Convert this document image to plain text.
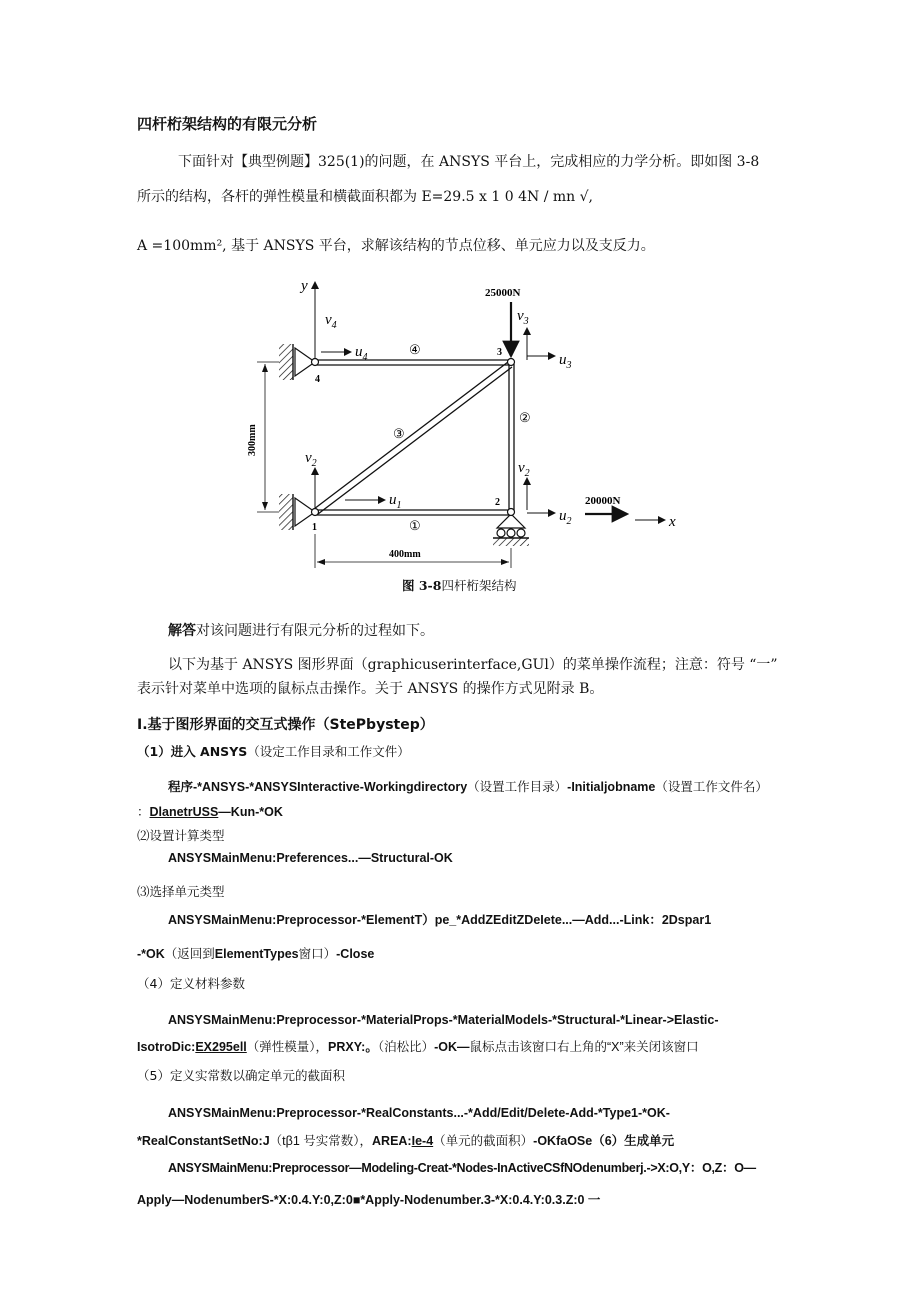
四杆桁架结构的有限元分析
下面针对【典型例题】325(1)的问题，在 ANSYS 平台上，完成相应的力学分析。即如图 3-8
所示的结构，各杆的弹性模量和横截面积都为 E=29.5 x 1 0 4N / mn √,
A =100mm², 基于 ANSYS 平台，求解该结构的节点位移、单元应力以及支反力。
y
$v_4$
$u_4$
25000N
$v_3$
$u_3$
$v_2$
$u_1$
$v_2$
$u_2$
20000N
x
4
3
1
2
④
③
②
①
300mm
400mm
图 3-8四杆桁架结构
解答对该问题进行有限元分析的过程如下。
以下为基于 ANSYS 图形界面（graphicuserinterface,GUl）的菜单操作流程；注意：符号 “一”
表示针对菜单中选项的鼠标点击操作。关于 ANSYS 的操作方式见附录 B。
I.基于图形界面的交互式操作（StePbystep）
（1）进入 ANSYS（设定工作目录和工作文件）
程序-*ANSYS-*ANSYSInteractive-Workingdirectory（设置工作目录）-Initialjobname（设置工作文件名）
：DlanetrUSS—Kun-*OK
⑵设置计算类型
ANSYSMainMenu:Preferences...—Structural-OK
⑶选择单元类型
ANSYSMainMenu:Preprocessor-*ElementT）pe_*AddZEditZDeIete...—Add...-Link：2Dspar1
-*OK（返回到ElementTypes窗口）-Close
（4）定义材料参数
ANSYSMainMenu:Preprocessor-*MaterialProps-*MaterialModels-*Structural-*Linear->Elastic-
IsotroDic:EX295ell（弹性模量），PRXY:。（泊松比）-OK—鼠标点击该窗口右上角的“X”来关闭该窗口
（5）定义实常数以确定单元的截面积
ANSYSMainMenu:Preprocessor-*RealConstants...-*Add/Edit/Delete-Add-*Type1-*OK-
*RealConstantSetNo:J（tβ1 号实常数），AREA:Ie-4（单元的截面积）-OKfaOSe（6）生成单元
ANSYSMainMenu:Preprocessor—Modeling-Creat-*Nodes-InActiveCSfNOdenumberj.->X:O,Y：O,Z：O—
Apply—NodenumberS-*X:0.4.Y:0,Z:0■*Apply-Nodenumber.3-*X:0.4.Y:0.3.Z:0 一
